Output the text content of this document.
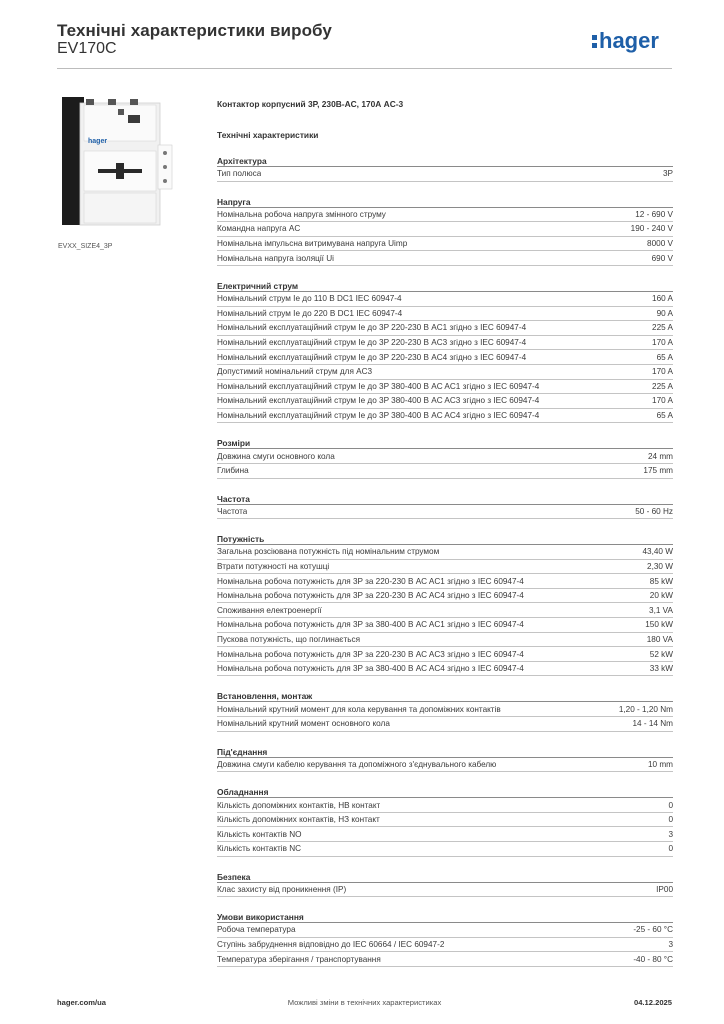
Технічні характеристики виробу
EV170C	hager
hager
EVXX_SIZE4_3P
Контактор корпусний 3P, 230В-AC, 170А AC-3
Технічні характеристики
Архітектура
Тип полюса	3P
Напруга
Номінальна робоча напруга змінного струму	12 - 690 V
Командна напруга AC	190 - 240 V
Номінальна імпульсна витримувана напруга Uimp	8000 V
Номінальна напруга ізоляції Ui	690 V
Електричний струм
Номінальний струм Ie до 110 В DC1 IEC 60947-4	160 A
Номінальний струм Ie до 220 В DC1 IEC 60947-4	90 A
Номінальний експлуатаційний струм Ie до 3P 220-230 В AC1 згідно з IEC 60947-4	225 A
Номінальний експлуатаційний струм Ie до 3P 220-230 В AC3 згідно з IEC 60947-4	170 A
Номінальний експлуатаційний струм Ie до 3P 220-230 В AC4 згідно з IEC 60947-4	65 A
Допустимий номінальний струм для AC3	170 A
Номінальний експлуатаційний струм Ie до 3P 380-400 В AC AC1 згідно з IEC 60947-4	225 A
Номінальний експлуатаційний струм Ie до 3P 380-400 В AC AC3 згідно з IEC 60947-4	170 A
Номінальний експлуатаційний струм Ie до 3P 380-400 В AC AC4 згідно з IEC 60947-4	65 A
Розміри
Довжина смуги основного кола	24 mm
Глибина	175 mm
Частота
Частота	50 - 60 Hz
Потужність
Загальна розсіювана потужність під номінальним струмом	43,40 W
Втрати потужності на котушці	2,30 W
Номінальна робоча потужність для 3P за 220-230 В AC AC1 згідно з IEC 60947-4	85 kW
Номінальна робоча потужність для 3P за 220-230 В AC AC4 згідно з IEC 60947-4	20 kW
Споживання електроенергії	3,1 VA
Номінальна робоча потужність для 3P за 380-400 В AC AC1 згідно з IEC 60947-4	150 kW
Пускова потужність, що поглинається	180 VA
Номінальна робоча потужність для 3P за 220-230 В AC AC3 згідно з IEC 60947-4	52 kW
Номінальна робоча потужність для 3P за 380-400 В AC AC4 згідно з IEC 60947-4	33 kW
Встановлення, монтаж
Номінальний крутний момент для кола керування та допоміжних контактів	1,20 - 1,20 Nm
Номінальний крутний момент основного кола	14 - 14 Nm
Під'єднання
Довжина смуги кабелю керування та допоміжного з'єднувального кабелю	10 mm
Обладнання
Кількість допоміжних контактів, НВ контакт	0
Кількість допоміжних контактів, НЗ контакт	0
Кількість контактів NO	3
Кількість контактів NC	0
Безпека
Клас захисту від проникнення (IP)	IP00
Умови використання
Робоча температура	-25 - 60 °C
Ступінь забруднення відповідно до IEC 60664 / IEC 60947-2	3
Температура зберігання / транспортування	-40 - 80 °C
hager.com/ua	Можливі зміни в технічних характеристиках	04.12.2025
